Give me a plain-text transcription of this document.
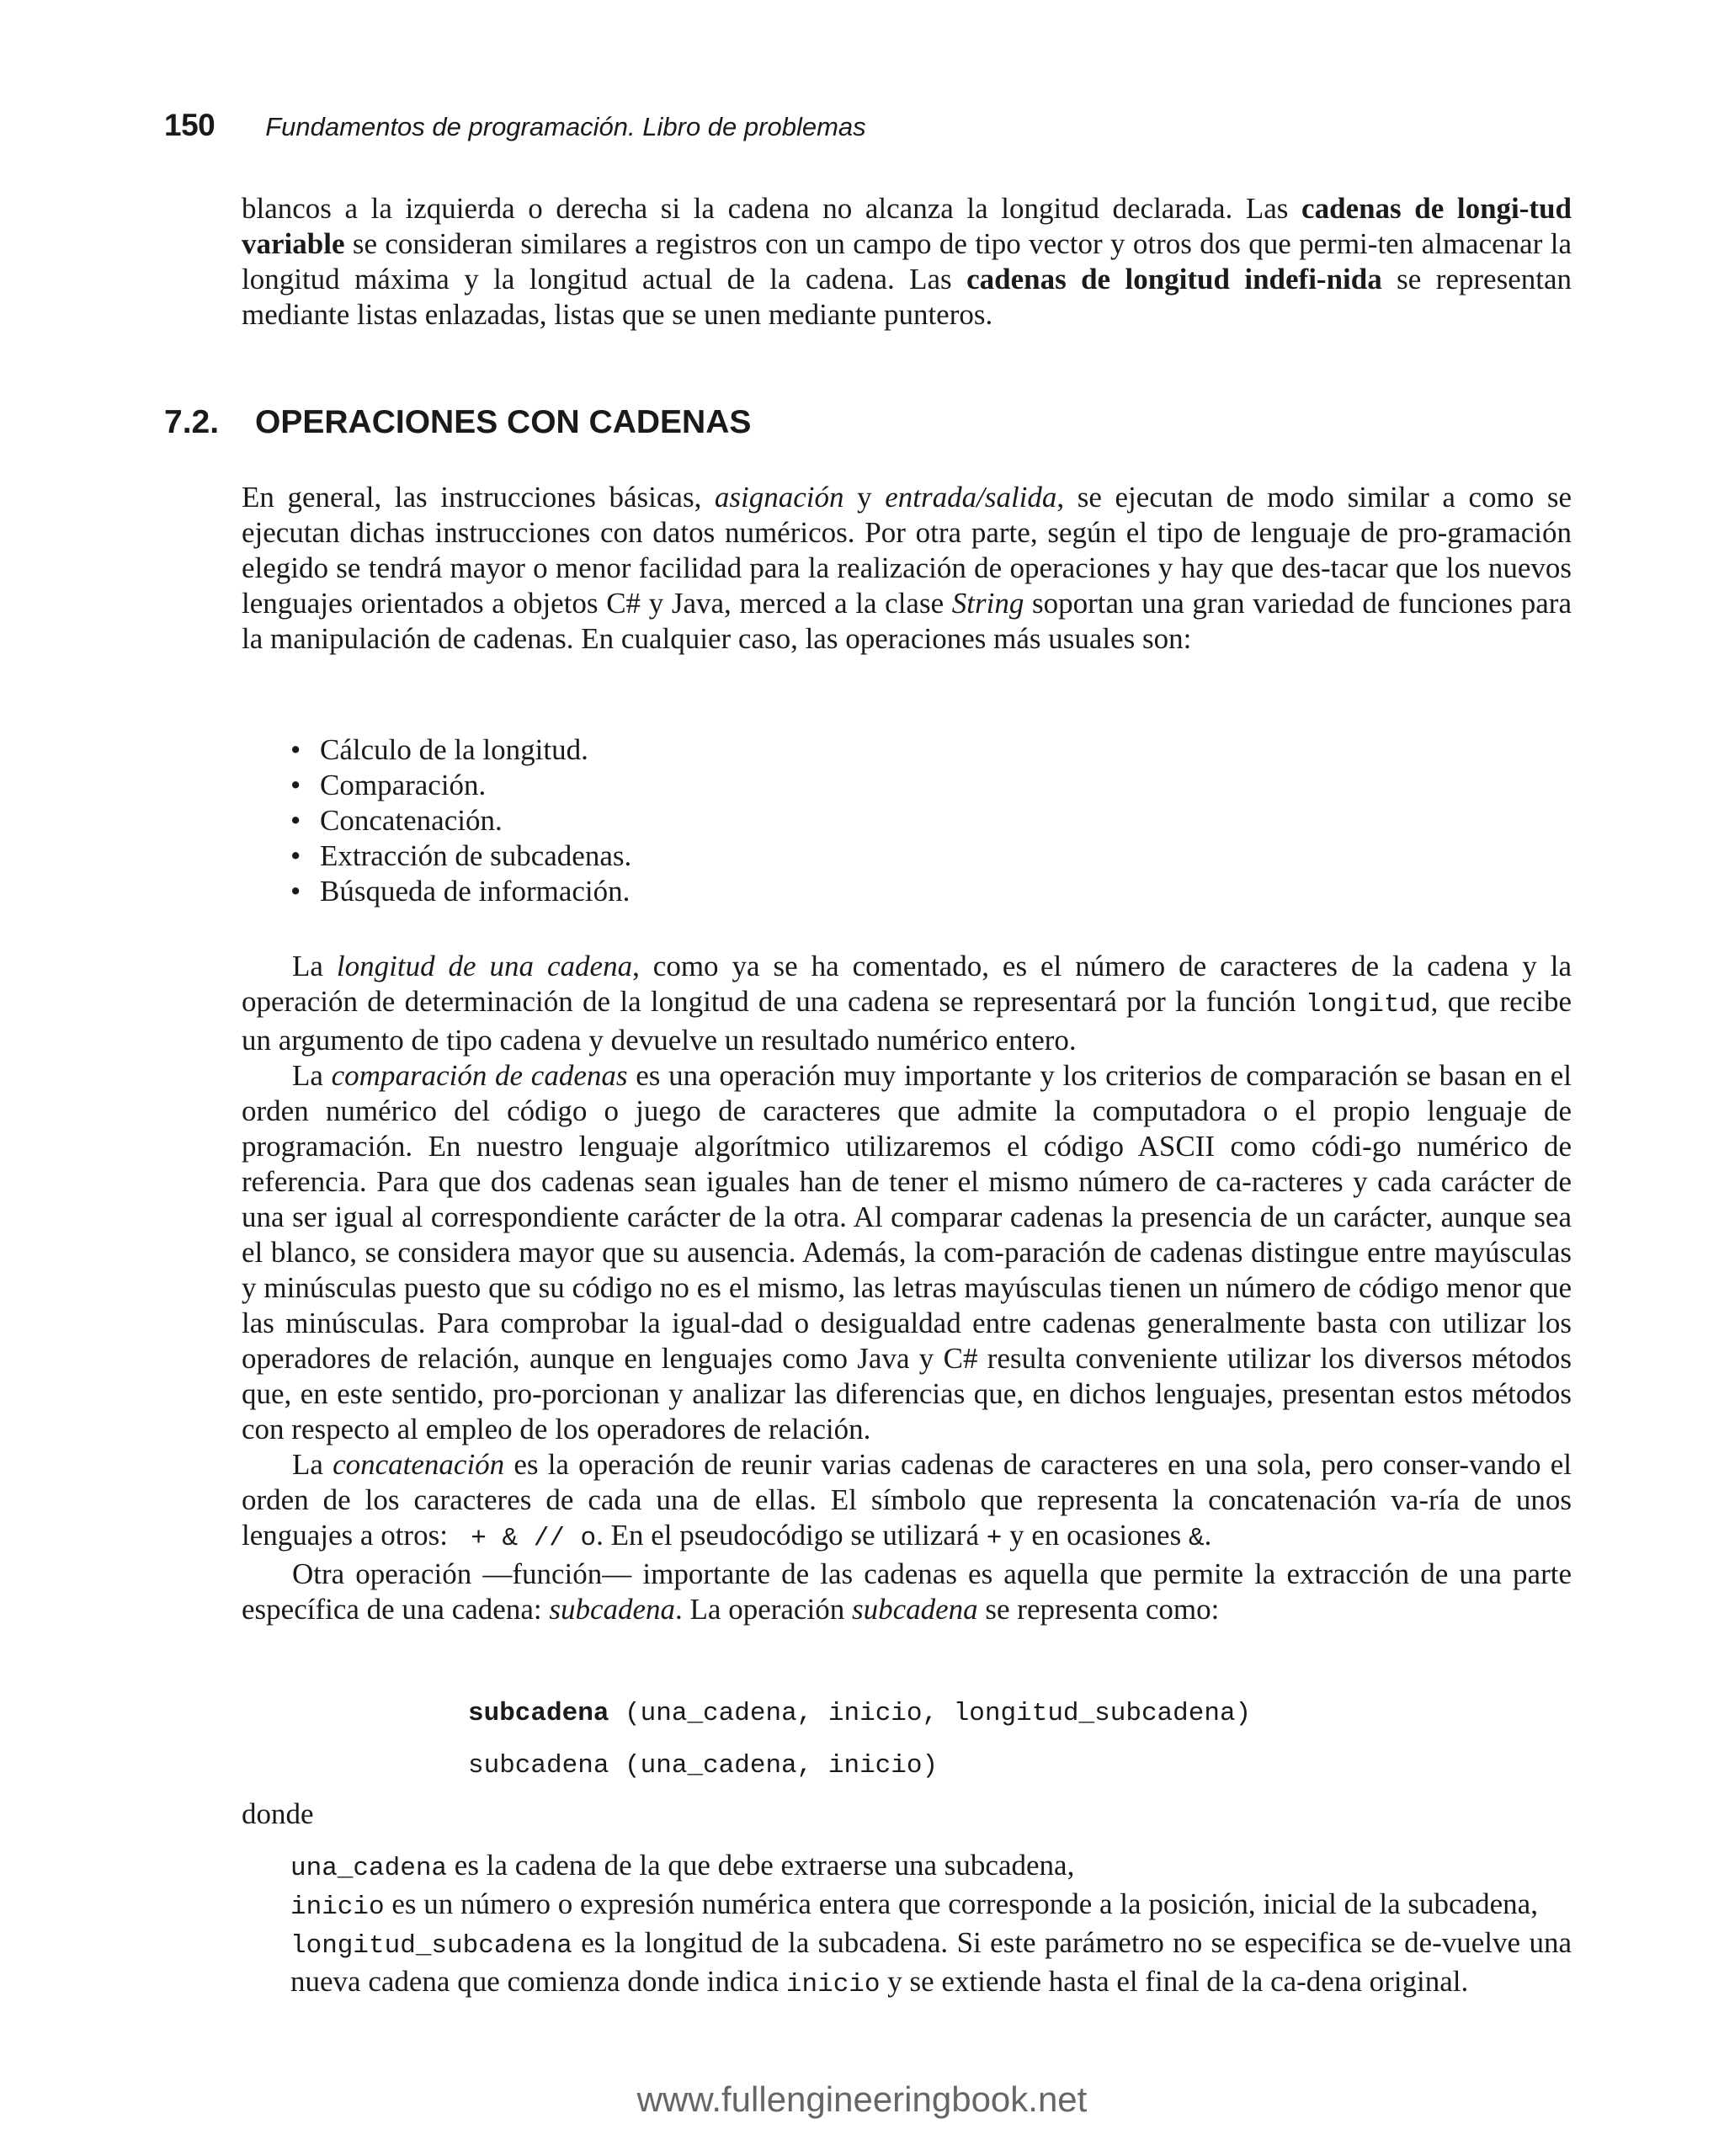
150 Fundamentos de programación. Libro de problemas

blancos a la izquierda o derecha si la cadena no alcanza la longitud declarada. Las cadenas de longi-tud variable se consideran similares a registros con un campo de tipo vector y otros dos que permi-ten almacenar la longitud máxima y la longitud actual de la cadena. Las cadenas de longitud indefi-nida se representan mediante listas enlazadas, listas que se unen mediante punteros.

7.2.	OPERACIONES CON CADENAS

En general, las instrucciones básicas, asignación y entrada/salida, se ejecutan de modo similar a como se ejecutan dichas instrucciones con datos numéricos. Por otra parte, según el tipo de lenguaje de pro-gramación elegido se tendrá mayor o menor facilidad para la realización de operaciones y hay que des-tacar que los nuevos lenguajes orientados a objetos C# y Java, merced a la clase String soportan una gran variedad de funciones para la manipulación de cadenas. En cualquier caso, las operaciones más usuales son:

• Cálculo de la longitud.
• Comparación.
• Concatenación.
• Extracción de subcadenas.
• Búsqueda de información.

La longitud de una cadena, como ya se ha comentado, es el número de caracteres de la cadena y la operación de determinación de la longitud de una cadena se representará por la función longitud, que recibe un argumento de tipo cadena y devuelve un resultado numérico entero.

La comparación de cadenas es una operación muy importante y los criterios de comparación se basan en el orden numérico del código o juego de caracteres que admite la computadora o el propio lenguaje de programación. En nuestro lenguaje algorítmico utilizaremos el código ASCII como códi-go numérico de referencia. Para que dos cadenas sean iguales han de tener el mismo número de ca-racteres y cada carácter de una ser igual al correspondiente carácter de la otra. Al comparar cadenas la presencia de un carácter, aunque sea el blanco, se considera mayor que su ausencia. Además, la com-paración de cadenas distingue entre mayúsculas y minúsculas puesto que su código no es el mismo, las letras mayúsculas tienen un número de código menor que las minúsculas. Para comprobar la igual-dad o desigualdad entre cadenas generalmente basta con utilizar los operadores de relación, aunque en lenguajes como Java y C# resulta conveniente utilizar los diversos métodos que, en este sentido, pro-porcionan y analizar las diferencias que, en dichos lenguajes, presentan estos métodos con respecto al empleo de los operadores de relación.

La concatenación es la operación de reunir varias cadenas de caracteres en una sola, pero conser-vando el orden de los caracteres de cada una de ellas. El símbolo que representa la concatenación va-ría de unos lenguajes a otros:  + & // o. En el pseudocódigo se utilizará + y en ocasiones &.

Otra operación —función— importante de las cadenas es aquella que permite la extracción de una parte específica de una cadena: subcadena. La operación subcadena se representa como:

subcadena (una_cadena, inicio, longitud_subcadena)
subcadena (una_cadena, inicio)
donde

una_cadena es la cadena de la que debe extraerse una subcadena,

inicio es un número o expresión numérica entera que corresponde a la posición, inicial de la subcadena,

longitud_subcadena es la longitud de la subcadena. Si este parámetro no se especifica se de-vuelve una nueva cadena que comienza donde indica inicio y se extiende hasta el final de la ca-dena original.

www.fullengineeringbook.net
